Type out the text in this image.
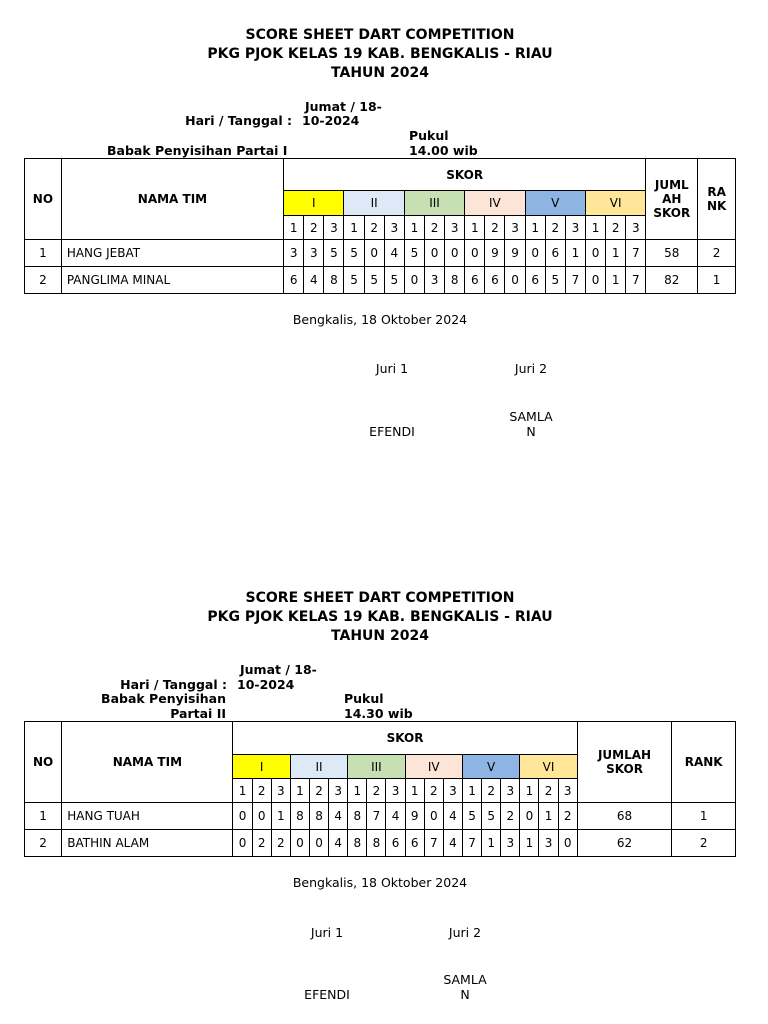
SCORE SHEET DART COMPETITION
PKG PJOK KELAS 19 KAB. BENGKALIS - RIAU
TAHUN 2024
Jumat / 18-
Hari / Tanggal : 10-2024
Pukul
Babak Penyisihan Partai I	14.00 wib
NO	NAMA TIM	SKOR																		JUML AH SKOR	RA NK
		I			II			III			IV			V			VI				
		1	2	3	1	2	3	1	2	3	1	2	3	1	2	3	1	2	3		
1	HANG JEBAT	3	3	5	5	0	4	5	0	0	0	9	9	0	6	1	0	1	7	58	2
2	PANGLIMA MINAL	6	4	8	5	5	5	0	3	8	6	6	0	6	5	7	0	1	7	82	1
Bengkalis, 18 Oktober 2024
Juri 1	Juri 2
SAMLA
EFENDI	N
SCORE SHEET DART COMPETITION
PKG PJOK KELAS 19 KAB. BENGKALIS - RIAU
TAHUN 2024
Jumat / 18-
Hari / Tanggal : 10-2024
Babak Penyisihan	Pukul
Partai II	14.30 wib
NO	NAMA TIM	SKOR																		JUMLAH SKOR	RANK
		I			II			III			IV			V			VI				
		1	2	3	1	2	3	1	2	3	1	2	3	1	2	3	1	2	3		
1	HANG TUAH	0	0	1	8	8	4	8	7	4	9	0	4	5	5	2	0	1	2	68	1
2	BATHIN ALAM	0	2	2	0	0	4	8	8	6	6	7	4	7	1	3	1	3	0	62	2
Bengkalis, 18 Oktober 2024
Juri 1	Juri 2
SAMLA
EFENDI	N
